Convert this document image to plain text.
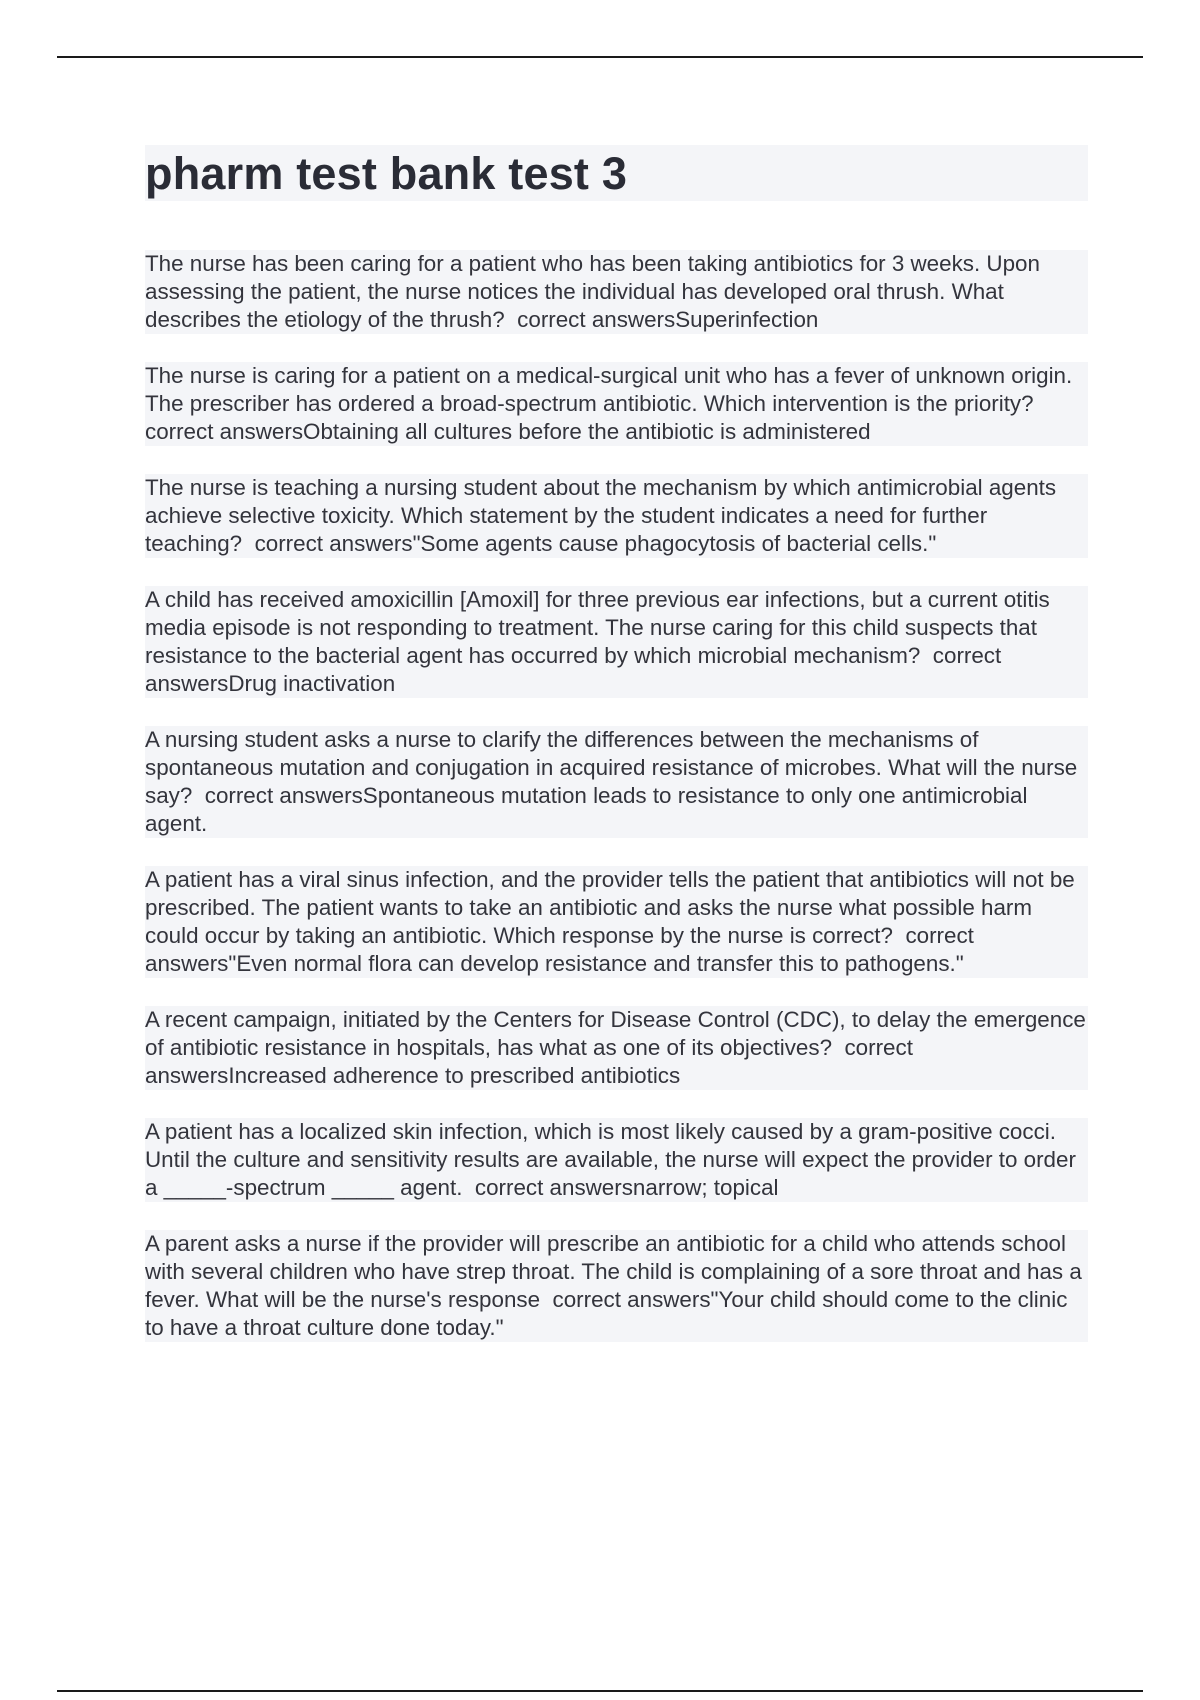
pharm test bank test 3

The nurse has been caring for a patient who has been taking antibiotics for 3 weeks. Upon assessing the patient, the nurse notices the individual has developed oral thrush. What describes the etiology of the thrush? correct answersSuperinfection

The nurse is caring for a patient on a medical-surgical unit who has a fever of unknown origin. The prescriber has ordered a broad-spectrum antibiotic. Which intervention is the priority?  correct answersObtaining all cultures before the antibiotic is administered

The nurse is teaching a nursing student about the mechanism by which antimicrobial agents achieve selective toxicity. Which statement by the student indicates a need for further teaching? correct answers"Some agents cause phagocytosis of bacterial cells."

A child has received amoxicillin [Amoxil] for three previous ear infections, but a current otitis media episode is not responding to treatment. The nurse caring for this child suspects that resistance to the bacterial agent has occurred by which microbial mechanism? correct answersDrug inactivation

A nursing student asks a nurse to clarify the differences between the mechanisms of spontaneous mutation and conjugation in acquired resistance of microbes. What will the nurse say? correct answersSpontaneous mutation leads to resistance to only one antimicrobial agent.

A patient has a viral sinus infection, and the provider tells the patient that antibiotics will not be prescribed. The patient wants to take an antibiotic and asks the nurse what possible harm could occur by taking an antibiotic. Which response by the nurse is correct? correct answers"Even normal flora can develop resistance and transfer this to pathogens."

A recent campaign, initiated by the Centers for Disease Control (CDC), to delay the emergence of antibiotic resistance in hospitals, has what as one of its objectives? correct answersIncreased adherence to prescribed antibiotics

A patient has a localized skin infection, which is most likely caused by a gram-positive cocci. Until the culture and sensitivity results are available, the nurse will expect the provider to order a _____-spectrum _____ agent. correct answersnarrow; topical

A parent asks a nurse if the provider will prescribe an antibiotic for a child who attends school with several children who have strep throat. The child is complaining of a sore throat and has a fever. What will be the nurse's response correct answers"Your child should come to the clinic to have a throat culture done today."
